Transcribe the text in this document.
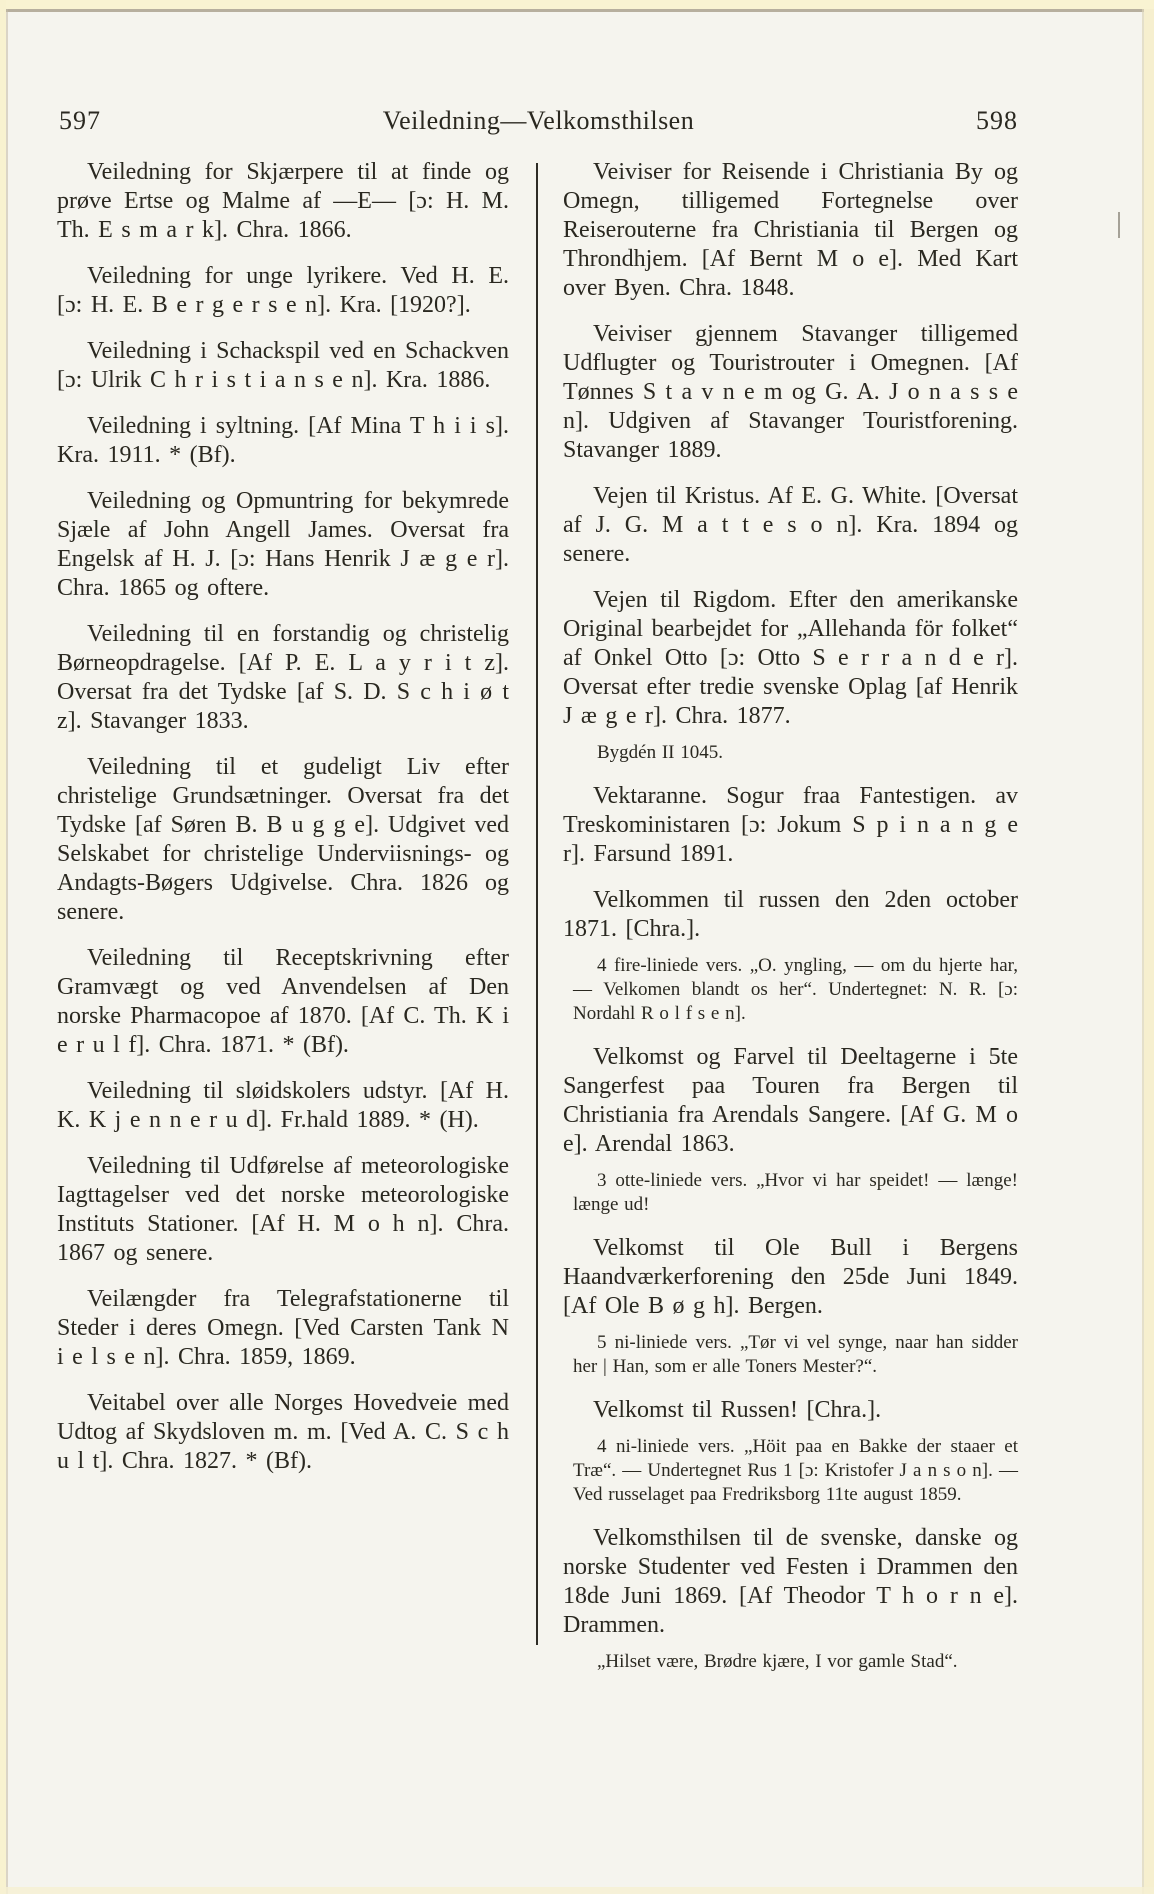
597	Veiledning—Velkomsthilsen	598

Veiledning for Skjærpere til at finde og prøve Ertse og Malme af —E— [ɔ: H. M. Th. E s m a r k]. Chra. 1866.

Veiledning for unge lyrikere. Ved H. E. [ɔ: H. E. B e r g e r s e n]. Kra. [1920?].

Veiledning i Schackspil ved en Schackven [ɔ: Ulrik C h r i s t i a n s e n]. Kra. 1886.

Veiledning i syltning. [Af Mina T h i i s]. Kra. 1911. * (Bf).

Veiledning og Opmuntring for bekymrede Sjæle af John Angell James. Oversat fra Engelsk af H. J. [ɔ: Hans Henrik J æ g e r]. Chra. 1865 og oftere.

Veiledning til en forstandig og christelig Børneopdragelse. [Af P. E. L a y r i t z]. Oversat fra det Tydske [af S. D. S c h i ø t z]. Stavanger 1833.

Veiledning til et gudeligt Liv efter christelige Grundsætninger. Oversat fra det Tydske [af Søren B. B u g g e]. Udgivet ved Selskabet for christelige Underviisnings- og Andagts-Bøgers Udgivelse. Chra. 1826 og senere.

Veiledning til Receptskrivning efter Gramvægt og ved Anvendelsen af Den norske Pharmacopoe af 1870. [Af C. Th. K i e r u l f]. Chra. 1871. * (Bf).

Veiledning til sløidskolers udstyr. [Af H. K. K j e n n e r u d]. Fr.hald 1889. * (H).

Veiledning til Udførelse af meteorologiske Iagttagelser ved det norske meteorologiske Instituts Stationer. [Af H. M o h n]. Chra. 1867 og senere.

Veilængder fra Telegrafstationerne til Steder i deres Omegn. [Ved Carsten Tank N i e l s e n]. Chra. 1859, 1869.

Veitabel over alle Norges Hovedveie med Udtog af Skydsloven m. m. [Ved A. C. S c h u l t]. Chra. 1827. * (Bf).

Veiviser for Reisende i Christiania By og Omegn, tilligemed Fortegnelse over Reiserouterne fra Christiania til Bergen og Throndhjem. [Af Bernt M o e]. Med Kart over Byen. Chra. 1848.

Veiviser gjennem Stavanger tilligemed Udflugter og Touristrouter i Omegnen. [Af Tønnes S t a v n e m og G. A. J o n a s s e n]. Udgiven af Stavanger Touristforening. Stavanger 1889.

Vejen til Kristus. Af E. G. White. [Oversat af J. G. M a t t e s o n]. Kra. 1894 og senere.

Vejen til Rigdom. Efter den amerikanske Original bearbejdet for „Allehanda för folket“ af Onkel Otto [ɔ: Otto S e r r a n d e r]. Oversat efter tredie svenske Oplag [af Henrik J æ g e r]. Chra. 1877.

Bygdén II 1045.

Vektaranne. Sogur fraa Fantestigen. av Treskoministaren [ɔ: Jokum S p i n a n g e r]. Farsund 1891.

Velkommen til russen den 2den october 1871. [Chra.].

4 fire-liniede vers. „O. yngling, — om du hjerte har, — Velkomen blandt os her“. Undertegnet: N. R. [ɔ: Nordahl R o l f s e n].

Velkomst og Farvel til Deeltagerne i 5te Sangerfest paa Touren fra Bergen til Christiania fra Arendals Sangere. [Af G. M o e]. Arendal 1863.

3 otte-liniede vers. „Hvor vi har speidet! — længe! længe ud!

Velkomst til Ole Bull i Bergens Haandværkerforening den 25de Juni 1849. [Af Ole B ø g h]. Bergen.

5 ni-liniede vers. „Tør vi vel synge, naar han sidder her | Han, som er alle Toners Mester?“.

Velkomst til Russen! [Chra.].

4 ni-liniede vers. „Höit paa en Bakke der staaer et Træ“. — Undertegnet Rus 1 [ɔ: Kristofer J a n s o n]. — Ved russelaget paa Fredriksborg 11te august 1859.

Velkomsthilsen til de svenske, danske og norske Studenter ved Festen i Drammen den 18de Juni 1869. [Af Theodor T h o r n e]. Drammen.

„Hilset være, Brødre kjære, I vor gamle Stad“.
